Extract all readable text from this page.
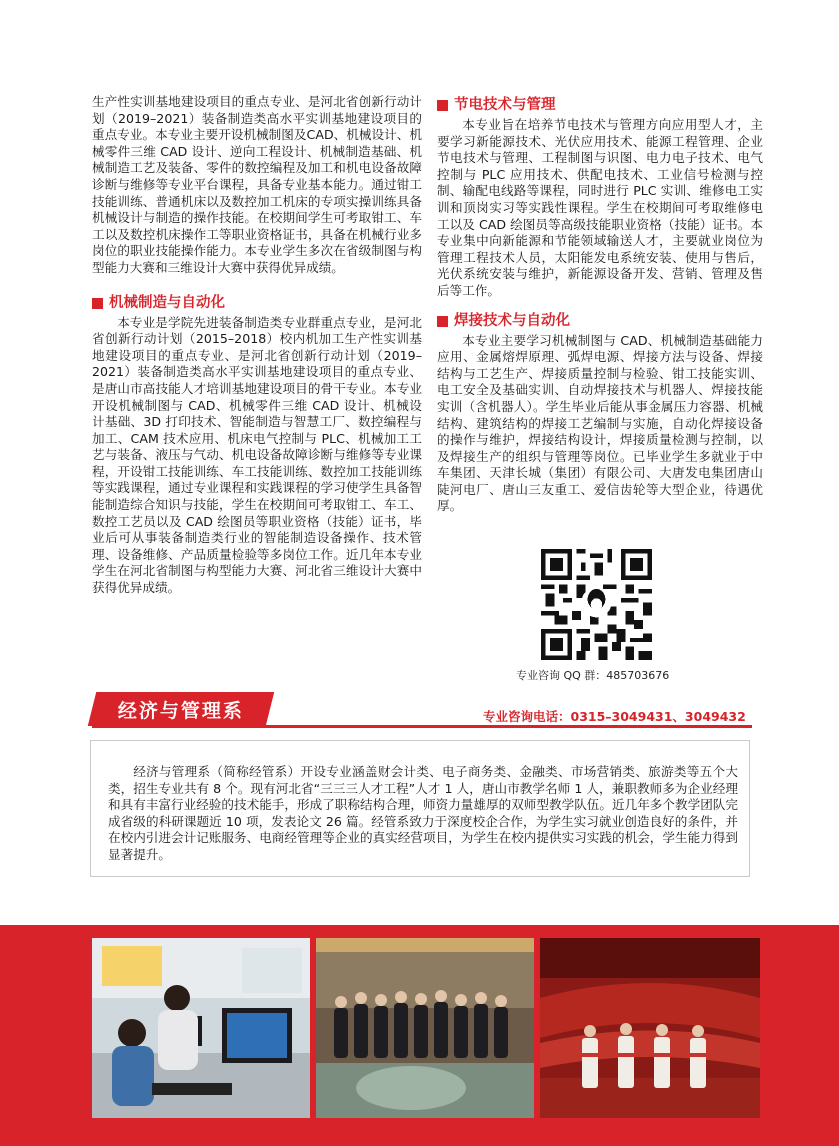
生产性实训基地建设项目的重点专业、是河北省创新行动计划（2019–2021）装备制造类高水平实训基地建设项目的重点专业。本专业主要开设机械制图及CAD、机械设计、机械零件三维 CAD 设计、逆向工程设计、机械制造基础、机械制造工艺及装备、零件的数控编程及加工和机电设备故障诊断与维修等专业平台课程，具备专业基本能力。通过钳工技能训练、普通机床以及数控加工机床的专项实操训练具备机械设计与制造的操作技能。在校期间学生可考取钳工、车工以及数控机床操作工等职业资格证书，具备在机械行业多岗位的职业技能操作能力。本专业学生多次在省级制图与构型能力大赛和三维设计大赛中获得优异成绩。

机械制造与自动化

本专业是学院先进装备制造类专业群重点专业，是河北省创新行动计划（2015–2018）校内机加工生产性实训基地建设项目的重点专业、是河北省创新行动计划（2019–2021）装备制造类高水平实训基地建设项目的重点专业、是唐山市高技能人才培训基地建设项目的骨干专业。本专业开设机械制图与 CAD、机械零件三维 CAD 设计、机械设计基础、3D 打印技术、智能制造与智慧工厂、数控编程与加工、CAM 技术应用、机床电气控制与 PLC、机械加工工艺与装备、液压与气动、机电设备故障诊断与维修等专业课程，开设钳工技能训练、车工技能训练、数控加工技能训练等实践课程，通过专业课程和实践课程的学习使学生具备智能制造综合知识与技能，学生在校期间可考取钳工、车工、数控工艺员以及 CAD 绘图员等职业资格（技能）证书，毕业后可从事装备制造类行业的智能制造设备操作、技术管理、设备维修、产品质量检验等多岗位工作。近几年本专业学生在河北省制图与构型能力大赛、河北省三维设计大赛中获得优异成绩。

节电技术与管理

本专业旨在培养节电技术与管理方向应用型人才，主要学习新能源技术、光伏应用技术、能源工程管理、企业节电技术与管理、工程制图与识图、电力电子技术、电气控制与 PLC 应用技术、供配电技术、工业信号检测与控制、输配电线路等课程，同时进行 PLC 实训、维修电工实训和顶岗实习等实践性课程。学生在校期间可考取维修电工以及 CAD 绘图员等高级技能职业资格（技能）证书。本专业集中向新能源和节能领域输送人才，主要就业岗位为管理工程技术人员，太阳能发电系统安装、使用与售后，光伏系统安装与维护，新能源设备开发、营销、管理及售后等工作。

焊接技术与自动化

本专业主要学习机械制图与 CAD、机械制造基础能力应用、金属熔焊原理、弧焊电源、焊接方法与设备、焊接结构与工艺生产、焊接质量控制与检验、钳工技能实训、电工安全及基础实训、自动焊接技术与机器人、焊接技能实训（含机器人）。学生毕业后能从事金属压力容器、机械结构、建筑结构的焊接工艺编制与实施，自动化焊接设备的操作与维护，焊接结构设计，焊接质量检测与控制，以及焊接生产的组织与管理等岗位。已毕业学生多就业于中车集团、天津长城（集团）有限公司、大唐发电集团唐山陡河电厂、唐山三友重工、爱信齿轮等大型企业，待遇优厚。

专业咨询 QQ 群：485703676
经济与管理系	专业咨询电话：0315–3049431、3049432

经济与管理系（简称经管系）开设专业涵盖财会计类、电子商务类、金融类、市场营销类、旅游类等五个大类，招生专业共有 8 个。现有河北省“三三三人才工程”人才 1 人，唐山市教学名师 1 人，兼职教师多为企业经理和具有丰富行业经验的技术能手，形成了职称结构合理，师资力量雄厚的双师型教学队伍。近几年多个教学团队完成省级的科研课题近 10 项，发表论文 26 篇。经管系致力于深度校企合作，为学生实习就业创造良好的条件，并在校内引进会计记账服务、电商经管理等企业的真实经营项目，为学生在校内提供实习实践的机会，学生能力得到显著提升。
